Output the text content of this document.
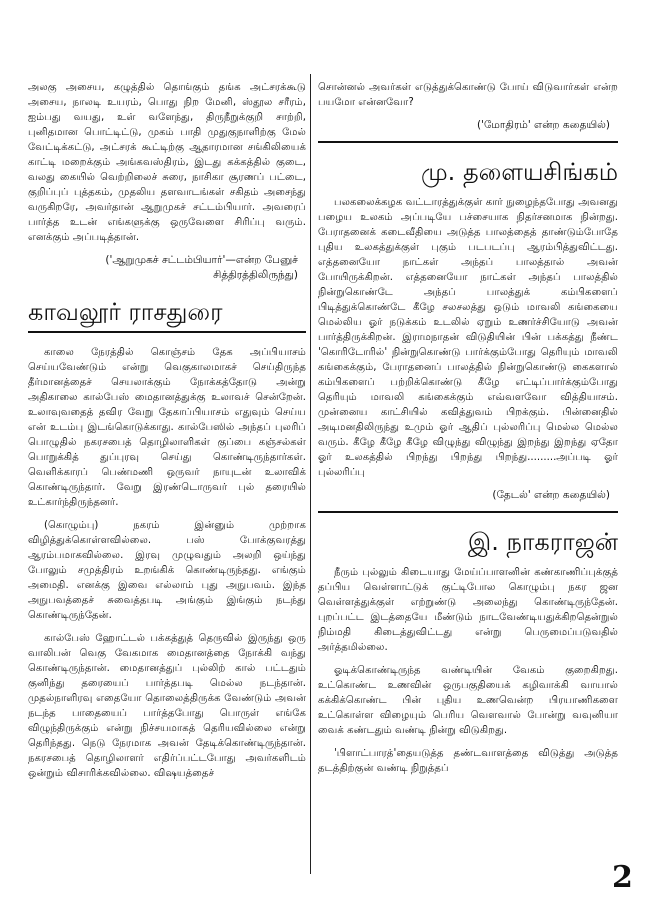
அலகு அசைய, கழுத்தில் தொங்கும் தங்க அட்சரக்கூடு அசைய, நாலடி உயரம், பொது நிற மேனி, ஸ்தூல சரீரம், ஐம்பது வயது, உள் வளேந்து, திருநீறுக்குறி சாற்றி, புனிதமான பொட்டிட்டு, முகம் பாதி முதுகுநாளிற்கு மேல் வேட்டிக்கட்டு, அட்சரக் கூட்டிற்கு ஆதாரமான சங்கிலியைக் காட்டி மறைக்கும் அங்கவஸ்திரம், இடது கக்கத்தில் குடை, வலது கையில் வெற்றிலைச் சுரை, நாசிகா சூரணப் பட்டை, குறிப்புப் புத்தகம், முதலிய தளவாடங்கள் சகிதம் அசைந்து வருகிறரே, அவர்தான் ஆறுமுகச் சட்டம்பியார். அவரைப் பார்த்த உடன் எங்களுக்கு ஒருவேளை சிரிப்பு வரும். எனக்கும் அப்படித்தான்.

('ஆறுமுகச் சட்டம்பியார்'—என்ற பேனுச் சித்திரத்திலிருந்து)
காவலூர் ராசதுரை

காலை நேரத்தில் கொஞ்சம் தேக அப்பியாசம் செய்யவேண்டும் என்று வெகுகாலமாகச் செய்திருந்த தீர்மானத்தைச் செயலாக்கும் நோக்கத்தோடு அன்று அதிகாலை கால்பேஸ் மைதானத்துக்கு உலாவச் சென்றேன். உலாவுவதைத் தவிர வேறு தேகாப்பியாசம் எதுவும் செய்ய என் உடம்பு இடங்கொடுக்காது. கால்பேஸில் அந்தப் புலரிப் பொழுதில் நகரசபைத் தொழிலாளிகள் குப்பை கஞ்சல்கள் பொறுக்கித் துப்புரவு செய்து கொண்டிருந்தார்கள். வெளிக்காரப் பெண்மணி ஒருவர் நாயுடன் உலாவிக் கொண்டிருந்தார். வேறு இரண்டொருவர் புல் தரையில் உட்கார்ந்திருந்தனர்.

(கொழும்பு) நகரம் இன்னும் முற்றாக விழித்துக்கொள்ளவில்லை. பஸ் போக்குவரத்து ஆரம்பமாகவில்லை. இரவு முழுவதும் அலறி ஒய்ந்து போலும் சமுத்திரம் உறங்கிக் கொண்டிருந்தது. எங்கும் அமைதி. எனக்கு இவை எல்லாம் புது அநுபவம். இந்த அநுபவத்தைச் சுவைத்தபடி அங்கும் இங்கும் நடந்து கொண்டிருந்தேன்.

கால்பேஸ் ஹோட்டல் பக்கத்துத் தெருவில் இருந்து ஒரு வாலிபன் வெகு வேகமாக மைதானத்தை நோக்கி வந்து கொண்டிருந்தான். மைதானத்துப் புல்லிற் கால் பட்டதும் குனிந்து தரையைப் பார்த்தபடி மெல்ல நடந்தான். முதல்நாளிரவு எதையோ தொலைத்திருக்க வேண்டும் அவன் நடந்த பாதையைப் பார்த்தபோது பொருள் எங்கே விழுந்திருக்கும் என்று நிச்சயமாகத் தெரியவில்லை என்று தெரிந்தது. நெடு நேரமாக அவன் தேடிக்கொண்டிருந்தான். நகரசபைத் தொழிலாளர் எதிர்ப்பட்டபோது அவர்களிடம் ஒன்றும் விசாரிக்கவில்லை. விஷயத்தைச்

சொன்னல் அவர்கள் எடுத்துக்கொண்டு போய் விடுவார்கள் என்ற பயமோ என்னவோ?

('மோதிரம்' என்ற கதையில்)
மு. தளையசிங்கம்

பலகலைக்கழக வட்டாரத்துக்குள் கார் நுழைந்தபோது அவனது பழைய உலகம் அப்படியே பச்சையாக நிதர்சனமாக நின்றது. பேராதனைக் கடைவீதியை அடுத்த பாலத்தைத் தாண்டும்போதே புதிய உலகத்துக்குள் புகும் படபடப்பு ஆரம்பித்துவிட்டது. எத்தனையோ நாட்கள் அந்தப் பாலத்தால் அவன் போயிருக்கிறன். எத்தனையோ நாட்கள் அந்தப் பாலத்தில் நின்றுகொண்டே அந்தப் பாலத்துக் கம்பிகளைப் பிடித்துக்கொண்டே கீழே சலசலத்து ஒடும் மாவலி கங்கையை மெல்லிய ஓர் நடுக்கம் உடலில் ஏறும் உணர்ச்சியோடு அவன் பார்த்திருக்கிறன். இராமநாதன் விடுதியின் பின் பக்கத்து நீண்ட 'கொரிடோரில்' நின்றுகொண்டு பார்க்கும்போது தெரியும் மாவலி கங்கைக்கும், பேராதனைப் பாலத்தில் நின்றுகொண்டு கைகளால் கம்பிகளைப் பற்றிக்கொண்டு கீழே எட்டிப்பார்க்கும்போது தெரியும் மாவலி கங்கைக்கும் எவ்வளவோ வித்தியாசம். முன்னைய காட்சியில் கவித்துவம் பிறக்கும். பின்னைதில் அடிமனதிலிருந்து உமும் ஓர் ஆதிப் புல்லரிப்பு மெல்ல மெல்ல வரும். கீழே கீழே கீழே விழுந்து விழுந்து இறந்து இறந்து ஏதோ ஓர் உலகத்தில் பிறந்து பிறந்து பிறந்து.........அப்படி ஓர் புல்லரிப்பு

(தேடல்' என்ற கதையில்)
இ. நாகராஜன்

நீரும் புல்லும் கிடையாது மேய்ப்பாளனின் கண்காணிப்புக்குத் தப்பிய வெள்ளாட்டுக் குட்டிபோல கொழும்பு நகர ஜன வெள்ளத்துக்குள் எற்றுண்டு அலைந்து கொண்டிருந்தேன். புறப்பட்ட இடத்தையே மீண்டும் நாடவேண்டியதுக்கிறதென்றுல் நிம்மதி கிடைத்துவிட்டது என்று பெருமைப்படுவதில் அர்த்தமில்லை.

ஓடிக்கொண்டிருந்த வண்டியின் வேகம் குறைகிறது. உட்கொண்ட உணவின் ஒருபகுதியைக் கழிவாக்கி வாயால் கக்கிக்கொண்ட பின் புதிய உணவென்ற பிரயாணிகளை உட்கொள்ள விழையும் பெரிய வெளவால் போன்று வவுனியா வைக் கண்டதும் வண்டி நின்று விடுகிறது.

'பிளாட்பாரத்'தையடுத்த தண்டவாளத்தை விடுத்து அடுத்த தடத்திற்குன் வண்டி நிறுத்தப்

2
